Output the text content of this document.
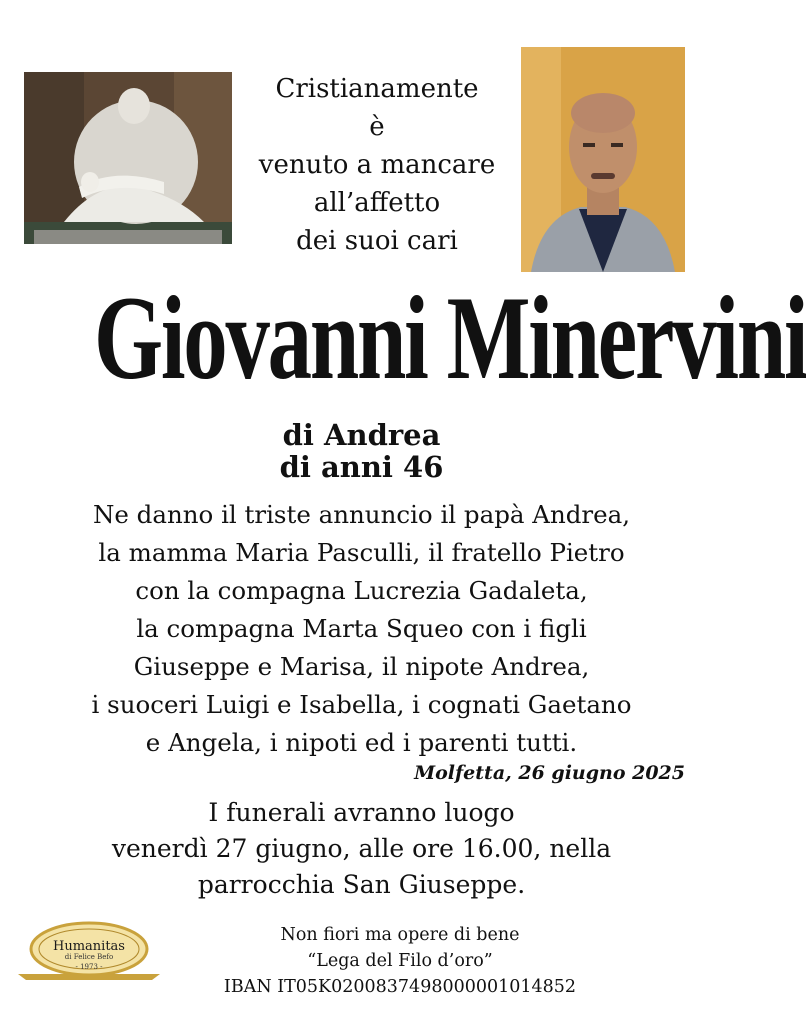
Cristianamente
è
venuto a mancare
all’affetto
dei suoi cari
Giovanni Minervini
di Andrea
di anni 46
Ne danno il triste annuncio il papà Andrea,
la mamma Maria Pasculli, il fratello Pietro
con la compagna Lucrezia Gadaleta,
la compagna Marta Squeo con i figli
Giuseppe e Marisa, il nipote Andrea,
i suoceri Luigi e Isabella, i cognati Gaetano
e Angela, i nipoti ed i parenti tutti.
Molfetta, 26 giugno 2025
I funerali avranno luogo
venerdì 27 giugno, alle ore 16.00, nella
parrocchia San Giuseppe.
Humanitas
di Felice Befo
- 1973 -
Non fiori ma opere di bene
“Lega del Filo d’oro”
IBAN IT05K0200837498000001014852
